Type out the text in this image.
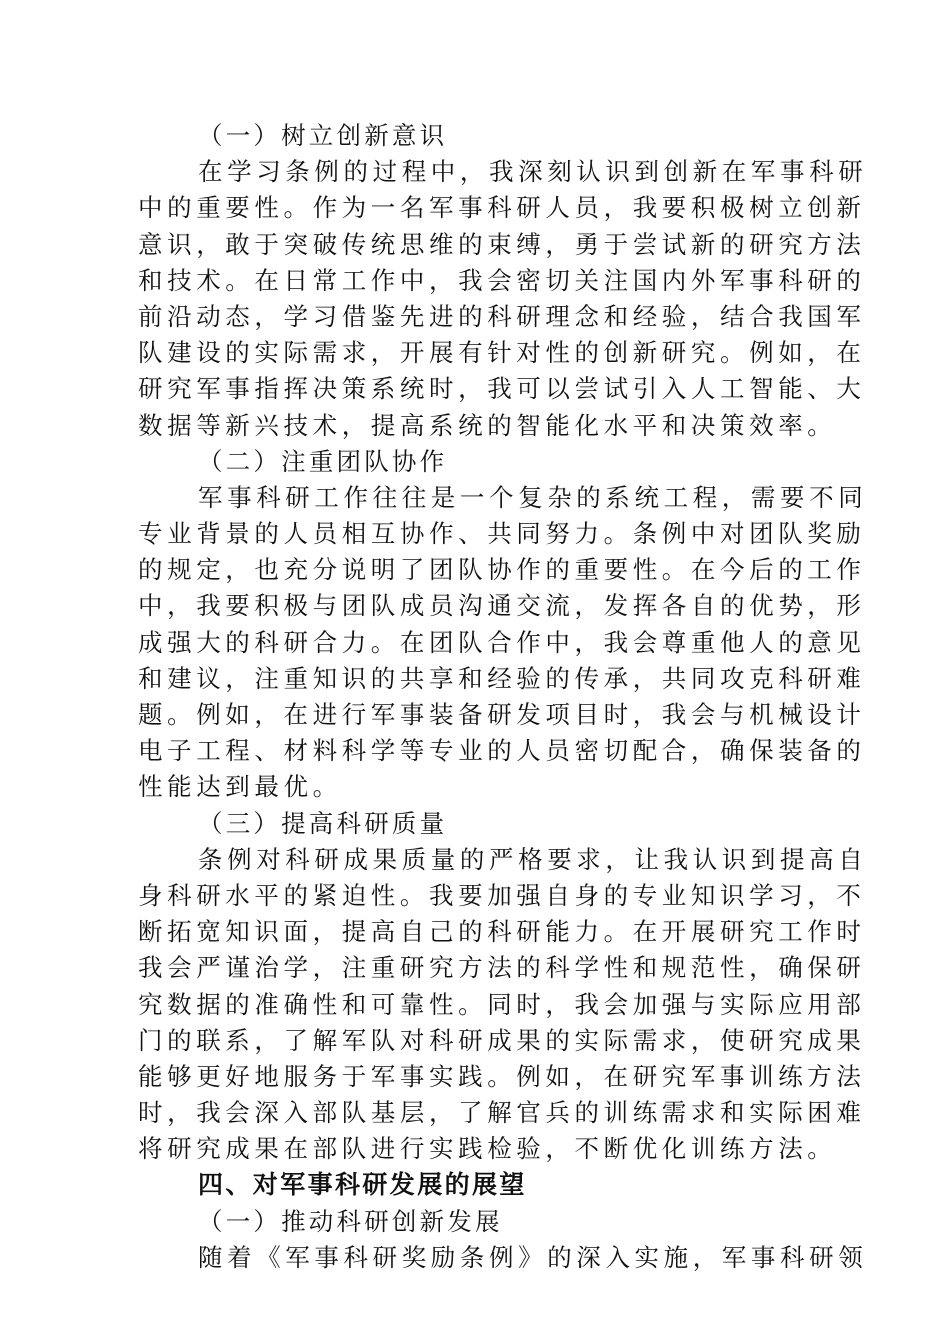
（一）树立创新意识
在学习条例的过程中，我深刻认识到创新在军事科研
中的重要性。作为一名军事科研人员，我要积极树立创新
意识，敢于突破传统思维的束缚，勇于尝试新的研究方法
和技术。在日常工作中，我会密切关注国内外军事科研的
前沿动态，学习借鉴先进的科研理念和经验，结合我国军
队建设的实际需求，开展有针对性的创新研究。例如，在
研究军事指挥决策系统时，我可以尝试引入人工智能、大
数据等新兴技术，提高系统的智能化水平和决策效率。
（二）注重团队协作
军事科研工作往往是一个复杂的系统工程，需要不同
专业背景的人员相互协作、共同努力。条例中对团队奖励
的规定，也充分说明了团队协作的重要性。在今后的工作
中，我要积极与团队成员沟通交流，发挥各自的优势，形
成强大的科研合力。在团队合作中，我会尊重他人的意见
和建议，注重知识的共享和经验的传承，共同攻克科研难
题。例如，在进行军事装备研发项目时，我会与机械设计
电子工程、材料科学等专业的人员密切配合，确保装备的
性能达到最优。
（三）提高科研质量
条例对科研成果质量的严格要求，让我认识到提高自
身科研水平的紧迫性。我要加强自身的专业知识学习，不
断拓宽知识面，提高自己的科研能力。在开展研究工作时
我会严谨治学，注重研究方法的科学性和规范性，确保研
究数据的准确性和可靠性。同时，我会加强与实际应用部
门的联系，了解军队对科研成果的实际需求，使研究成果
能够更好地服务于军事实践。例如，在研究军事训练方法
时，我会深入部队基层，了解官兵的训练需求和实际困难
将研究成果在部队进行实践检验，不断优化训练方法。
四、对军事科研发展的展望
（一）推动科研创新发展
随着《军事科研奖励条例》的深入实施，军事科研领
